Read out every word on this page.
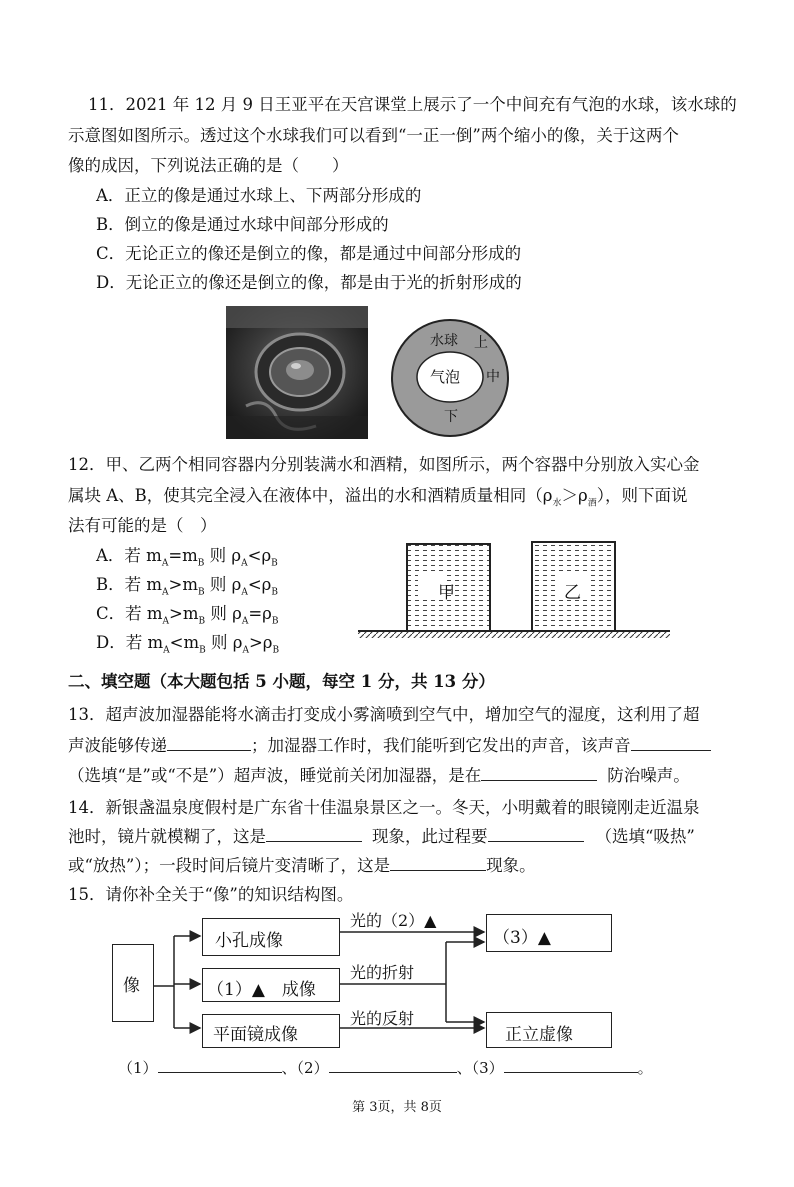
11．2021 年 12 月 9 日王亚平在天宫课堂上展示了一个中间充有气泡的水球，该水球的
示意图如图所示。透过这个水球我们可以看到“一正一倒”两个缩小的像，关于这两个
像的成因，下列说法正确的是（　　）
A．正立的像是通过水球上、下两部分形成的
B．倒立的像是通过水球中间部分形成的
C．无论正立的像还是倒立的像，都是通过中间部分形成的
D．无论正立的像还是倒立的像，都是由于光的折射形成的
水球 上
气泡 中
下
12．甲、乙两个相同容器内分别装满水和酒精，如图所示，两个容器中分别放入实心金
属块 A、B，使其完全浸入在液体中，溢出的水和酒精质量相同$(\rho_水>\rho_酒)$，则下面说
法有可能的是（　）
A．若 $m_A=m_B$ 则 $\rho_A<\rho_B$
B．若 $m_A>m_B$ 则 $\rho_A<\rho_B$
C．若 $m_A>m_B$ 则 $\rho_A=\rho_B$
D．若 $m_A<m_B$ 则 $\rho_A>\rho_B$
甲	乙
二、填空题（本大题包括 5 小题，每空 1 分，共 13 分）
13．超声波加湿器能将水滴击打变成小雾滴喷到空气中，增加空气的湿度，这利用了超
声波能够传递	；加湿器工作时，我们能听到它发出的声音，该声音
（选填“是”或“不是”）超声波，睡觉前关闭加湿器，是在	防治噪声。
14．新银盏温泉度假村是广东省十佳温泉景区之一。冬天，小明戴着的眼镜刚走近温泉
池时，镜片就模糊了，这是	现象，此过程要	（选填“吸热”
或“放热”）；一段时间后镜片变清晰了，这是	现象。
15．请你补全关于“像”的知识结构图。
像
小孔成像
（1）▲　成像
平面镜成像
（3）▲
正立虚像
光的（2）▲
光的折射
光的反射
（1）	、（2）	、（3）	。
第 3页，共 8页
